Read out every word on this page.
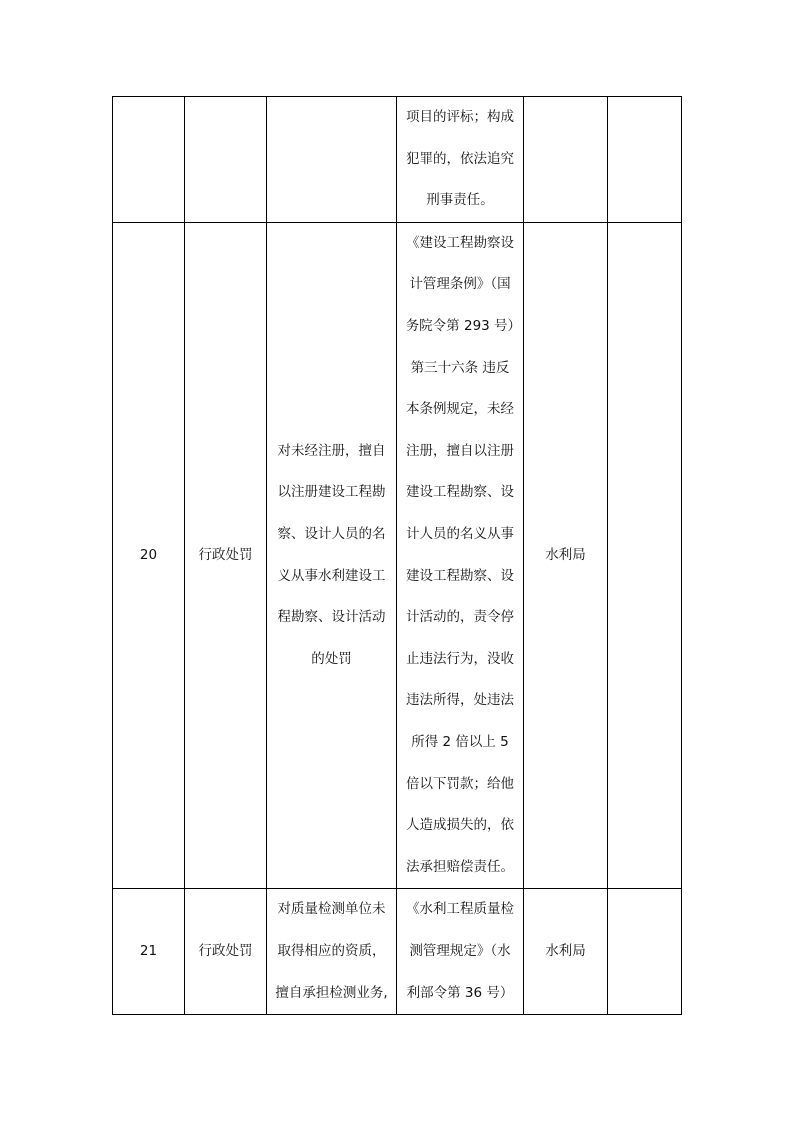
			项目的评标；构成犯罪的，依法追究刑事责任。		
20	行政处罚	对未经注册，擅自以注册建设工程勘察、设计人员的名义从事水利建设工程勘察、设计活动的处罚	《建设工程勘察设计管理条例》（国务院令第 293 号）第三十六条 违反本条例规定，未经注册，擅自以注册建设工程勘察、设计人员的名义从事建设工程勘察、设计活动的，责令停止违法行为，没收违法所得，处违法所得 2 倍以上 5 倍以下罚款；给他人造成损失的，依法承担赔偿责任。	水利局	
21	行政处罚	对质量检测单位未取得相应的资质，擅自承担检测业务,	《水利工程质量检测管理规定》（水利部令第 36 号）	水利局	
